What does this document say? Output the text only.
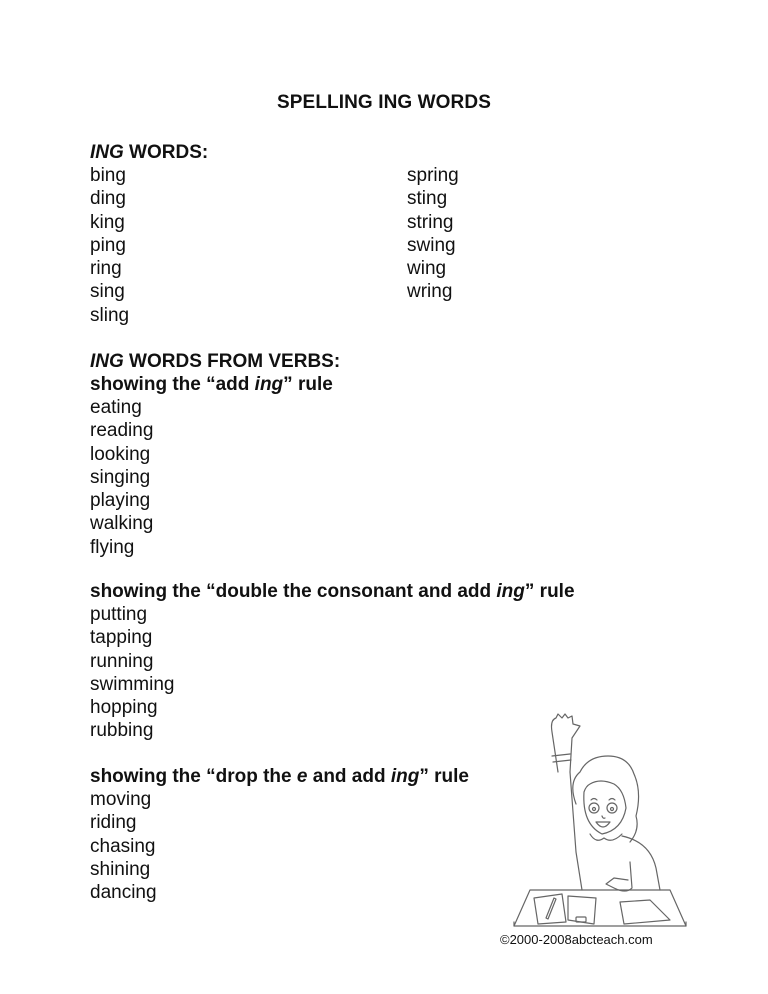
SPELLING ING WORDS
ING WORDS:
bing
ding
king
ping
ring
sing
sling
spring
sting
string
swing
wing
wring
ING WORDS FROM VERBS:
showing the “add ing” rule
eating
reading
looking
singing
playing
walking
flying
showing the “double the consonant and add ing” rule
putting
tapping
running
swimming
hopping
rubbing
showing the “drop the e and add ing” rule
moving
riding
chasing
shining
dancing
©2000-2008abcteach.com
